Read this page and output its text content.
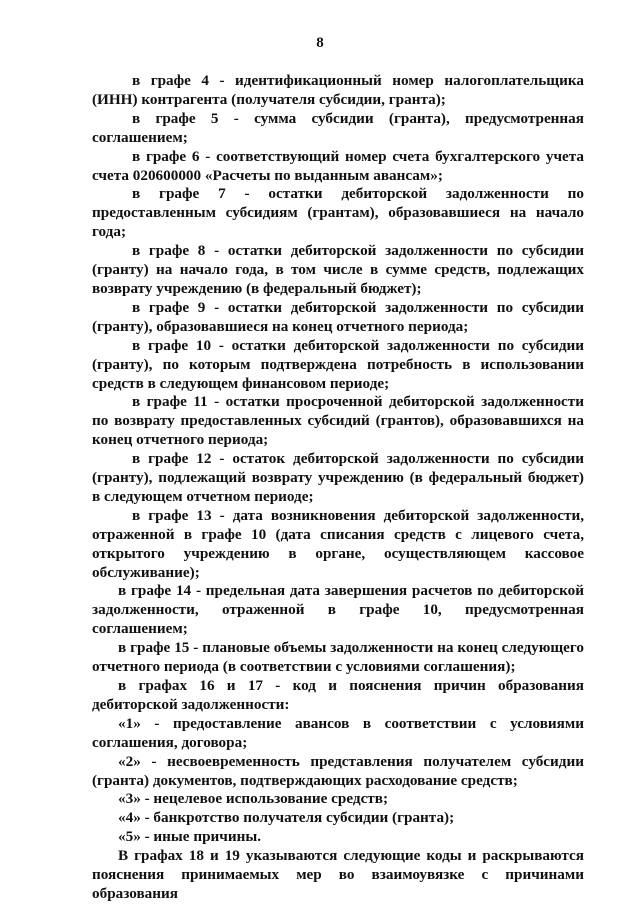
8

в графе 4 - идентификационный номер налогоплательщика (ИНН) контрагента (получателя субсидии, гранта);

в графе 5 - сумма субсидии (гранта), предусмотренная соглашением;

в графе 6 - соответствующий номер счета бухгалтерского учета счета 020600000 «Расчеты по выданным авансам»;

в графе 7 - остатки дебиторской задолженности по предоставленным субсидиям (грантам), образовавшиеся на начало года;

в графе 8 - остатки дебиторской задолженности по субсидии (гранту) на начало года, в том числе в сумме средств, подлежащих возврату учреждению (в федеральный бюджет);

в графе 9 - остатки дебиторской задолженности по субсидии (гранту), образовавшиеся на конец отчетного периода;

в графе 10 - остатки дебиторской задолженности по субсидии (гранту), по которым подтверждена потребность в использовании средств в следующем финансовом периоде;

в графе 11 - остатки просроченной дебиторской задолженности по возврату предоставленных субсидий (грантов), образовавшихся на конец отчетного периода;

в графе 12 - остаток дебиторской задолженности по субсидии (гранту), подлежащий возврату учреждению (в федеральный бюджет) в следующем отчетном периоде;

в графе 13 - дата возникновения дебиторской задолженности, отраженной в графе 10 (дата списания средств с лицевого счета, открытого учреждению в органе, осуществляющем кассовое обслуживание);

в графе 14 - предельная дата завершения расчетов по дебиторской задолженности, отраженной в графе 10, предусмотренная соглашением;

в графе 15 - плановые объемы задолженности на конец следующего отчетного периода (в соответствии с условиями соглашения);

в графах 16 и 17 - код и пояснения причин образования дебиторской задолженности:

«1» - предоставление авансов в соответствии с условиями соглашения, договора;

«2» - несвоевременность представления получателем субсидии (гранта) документов, подтверждающих расходование средств;

«3» - нецелевое использование средств;

«4» - банкротство получателя субсидии (гранта);

«5» - иные причины.

В графах 18 и 19 указываются следующие коды и раскрываются пояснения принимаемых мер во взаимоувязке с причинами образования
